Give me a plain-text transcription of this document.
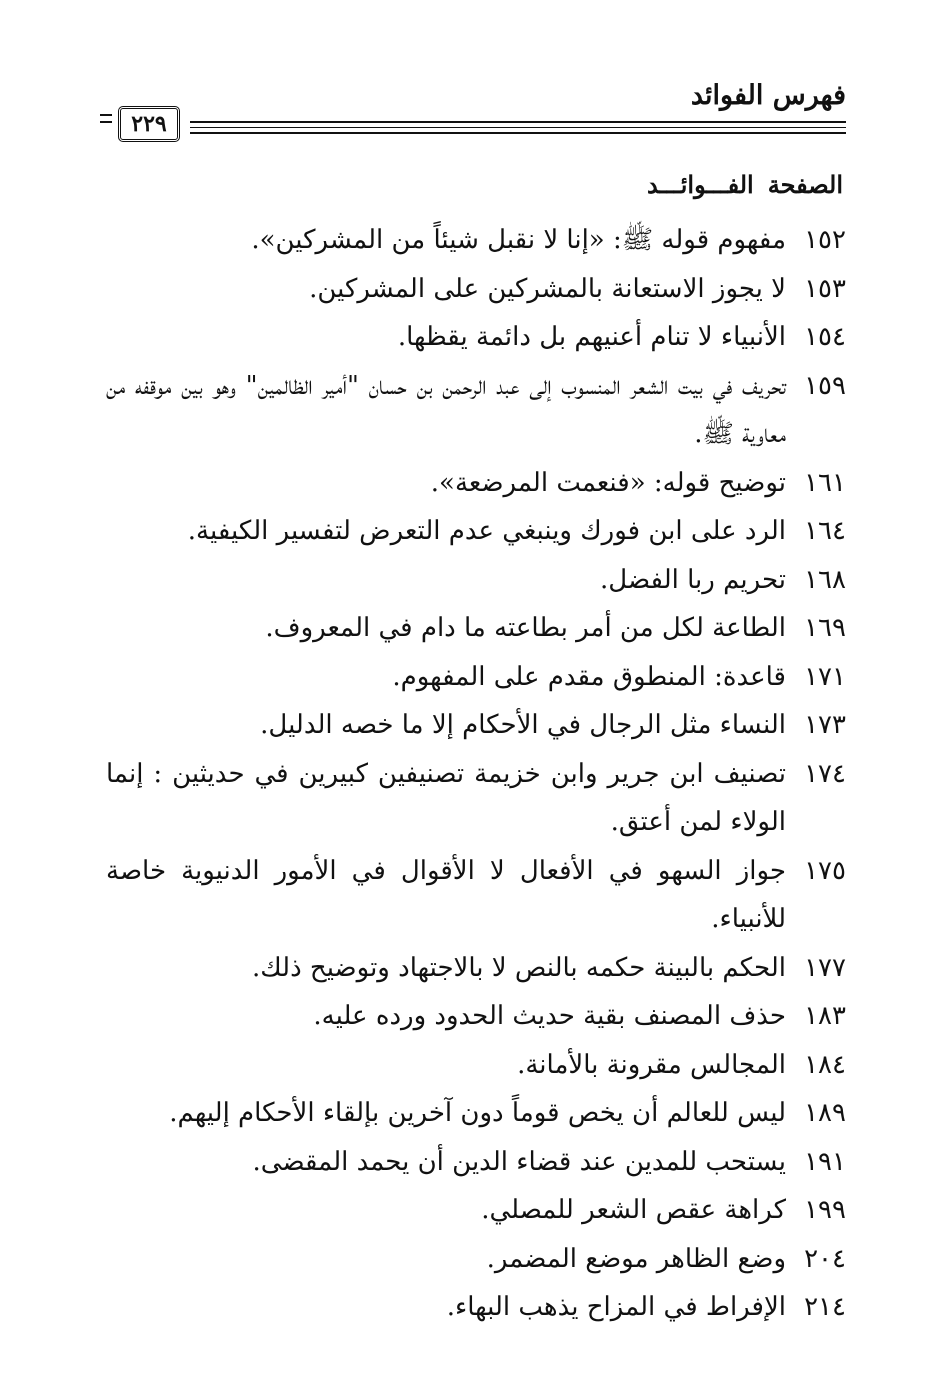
فهرس الفوائد
٢٢٩
الصفحةالفـــوائـــد
١٥٢
مفهوم قوله ﷺ: «إنا لا نقبل شيئاً من المشركين».
١٥٣
لا يجوز الاستعانة بالمشركين على المشركين.
١٥٤
الأنبياء لا تنام أعنيهم بل دائمة يقظها.
١٥٩
تحريف في بيت الشعر المنسوب إلى عبد الرحمن بن حسان "أمير الظالمين" وهو بين موقفه من معاوية ﷺ.
١٦١
توضيح قوله: «فنعمت المرضعة».
١٦٤
الرد على ابن فورك وينبغي عدم التعرض لتفسير الكيفية.
١٦٨
تحريم ربا الفضل.
١٦٩
الطاعة لكل من أمر بطاعته ما دام في المعروف.
١٧١
قاعدة: المنطوق مقدم على المفهوم.
١٧٣
النساء مثل الرجال في الأحكام إلا ما خصه الدليل.
١٧٤
تصنيف ابن جرير وابن خزيمة تصنيفين كبيرين في حديثين : إنما الولاء لمن أعتق.
١٧٥
جواز السهو في الأفعال لا الأقوال في الأمور الدنيوية خاصة للأنبياء.
١٧٧
الحكم بالبينة حكمه بالنص لا بالاجتهاد وتوضيح ذلك.
١٨٣
حذف المصنف بقية حديث الحدود ورده عليه.
١٨٤
المجالس مقرونة بالأمانة.
١٨٩
ليس للعالم أن يخص قوماً دون آخرين بإلقاء الأحكام إليهم.
١٩١
يستحب للمدين عند قضاء الدين أن يحمد المقضى.
١٩٩
كراهة عقص الشعر للمصلي.
٢٠٤
وضع الظاهر موضع المضمر.
٢١٤
الإفراط في المزاح يذهب البهاء.
